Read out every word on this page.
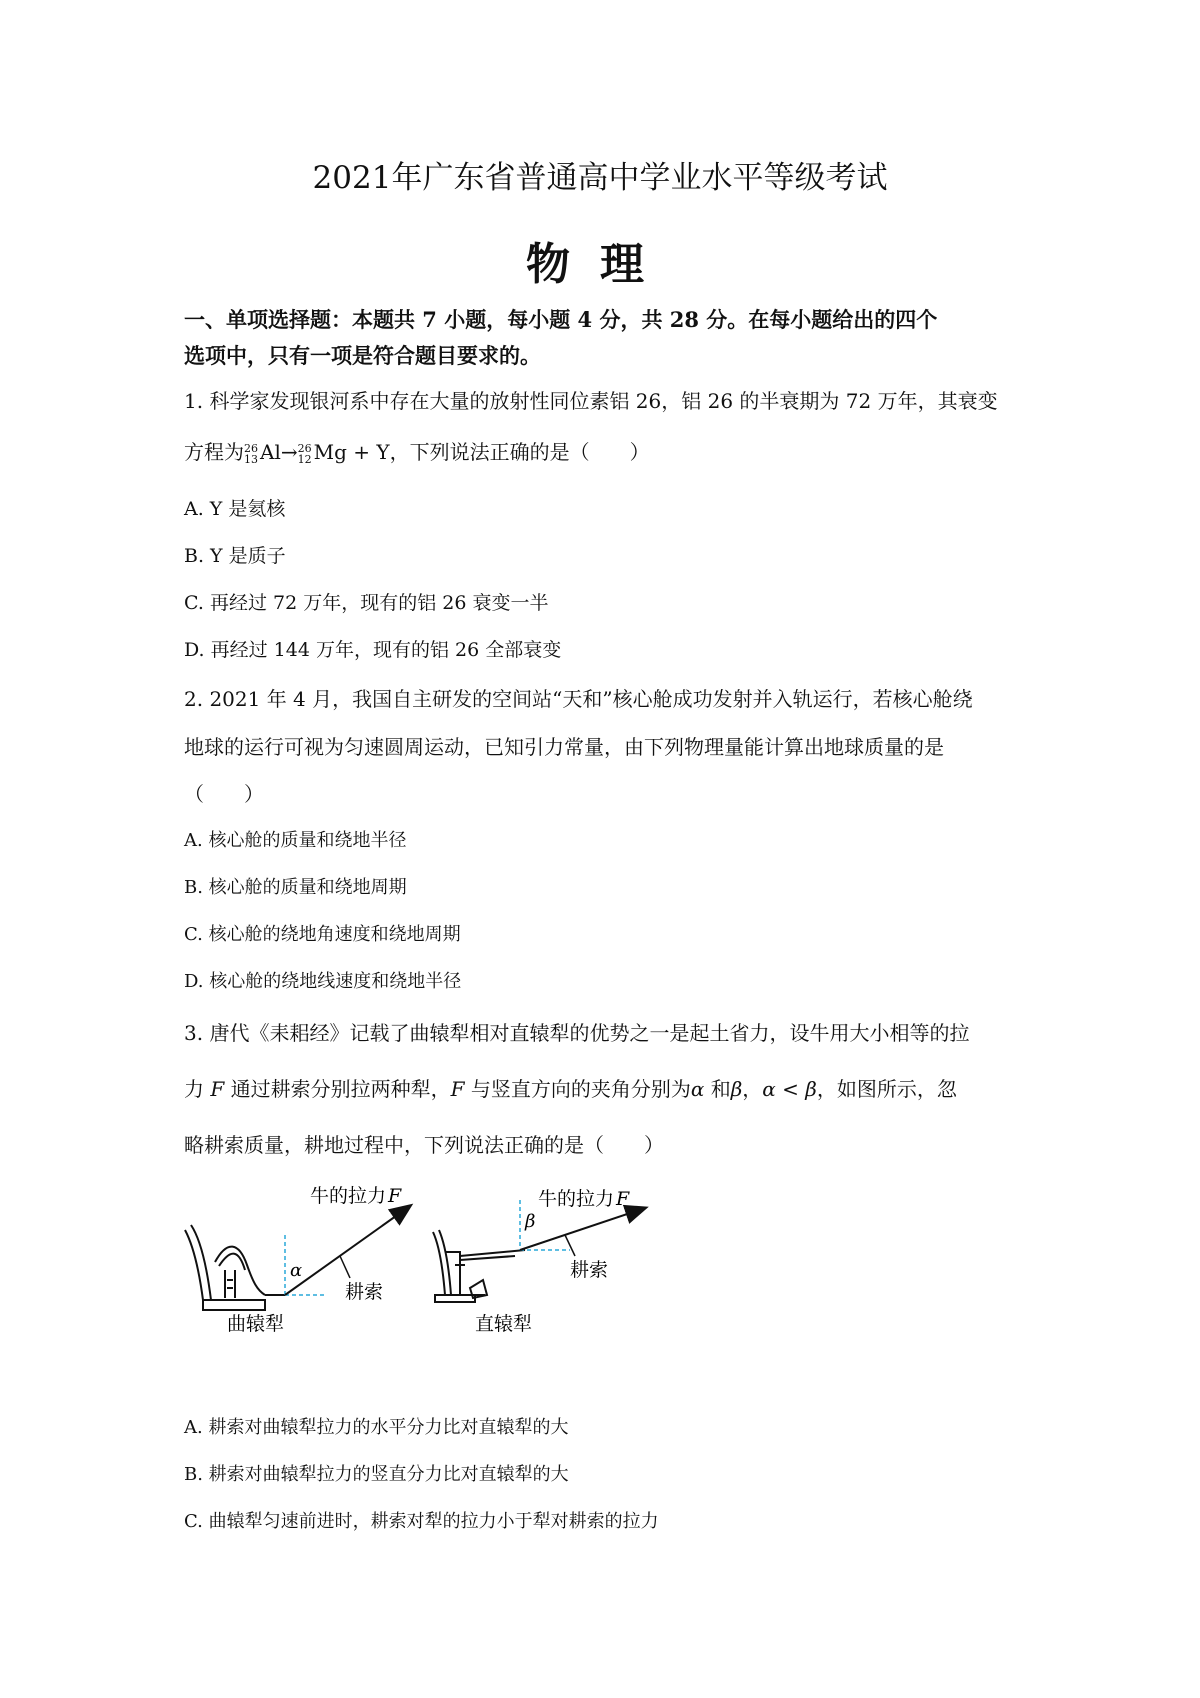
2021年广东省普通高中学业水平等级考试
物理
一、单项选择题：本题共 7 小题，每小题 4 分，共 28 分。在每小题给出的四个
选项中，只有一项是符合题目要求的。
1. 科学家发现银河系中存在大量的放射性同位素铝 26，铝 26 的半衰期为 72 万年，其衰变
方程为26
13 Al→26
12 Mg + Y，下列说法正确的是（　　）
A. Y 是氦核
B. Y 是质子
C. 再经过 72 万年，现有的铝 26 衰变一半
D. 再经过 144 万年，现有的铝 26 全部衰变
2. 2021 年 4 月，我国自主研发的空间站“天和”核心舱成功发射并入轨运行，若核心舱绕
地球的运行可视为匀速圆周运动，已知引力常量，由下列物理量能计算出地球质量的是
（　　）
A. 核心舱的质量和绕地半径
B. 核心舱的质量和绕地周期
C. 核心舱的绕地角速度和绕地周期
D. 核心舱的绕地线速度和绕地半径
3. 唐代《耒耜经》记载了曲辕犁相对直辕犁的优势之一是起土省力，设牛用大小相等的拉
力 F 通过耕索分别拉两种犁，F 与竖直方向的夹角分别为α 和β，α < β，如图所示，忽
略耕索质量，耕地过程中，下列说法正确的是（　　）
α
牛的拉力 F
耕索
曲辕犁
β
牛的拉力 F
耕索
直辕犁
A. 耕索对曲辕犁拉力的水平分力比对直辕犁的大
B. 耕索对曲辕犁拉力的竖直分力比对直辕犁的大
C. 曲辕犁匀速前进时，耕索对犁的拉力小于犁对耕索的拉力
